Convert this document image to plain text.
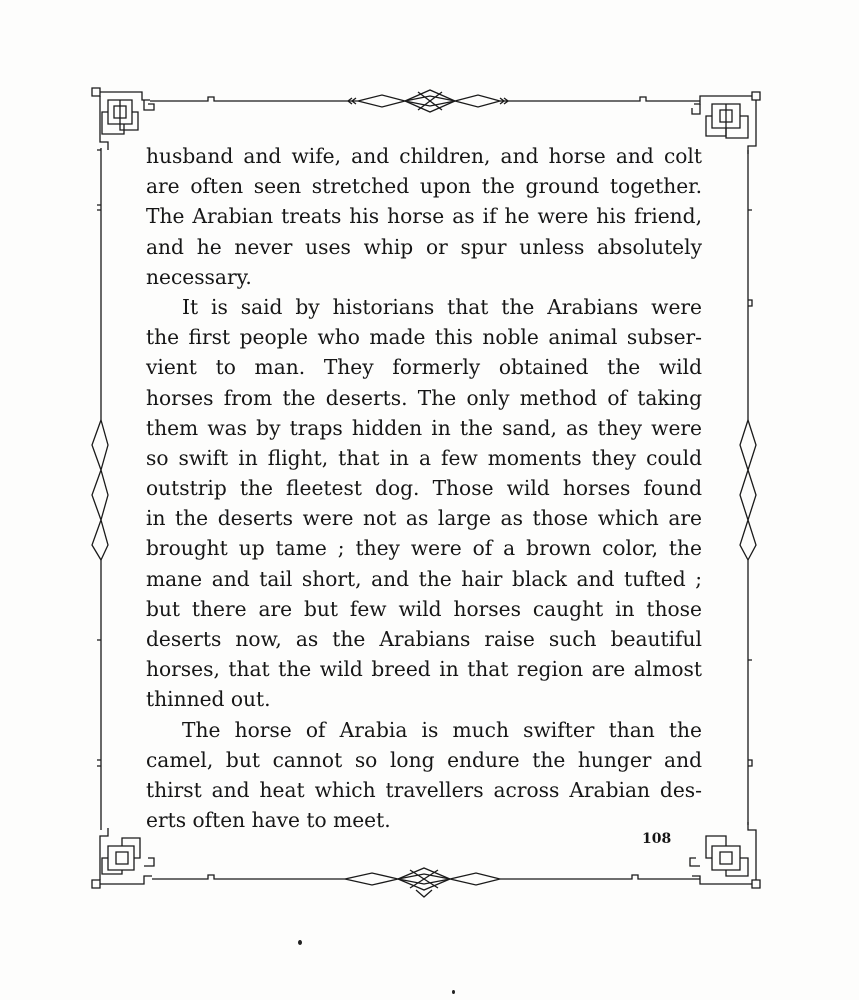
husband and wife, and children, and horse and colt
are often seen stretched upon the ground together.
The Arabian treats his horse as if he were his friend,
and he never uses whip or spur unless absolutely
necessary.
It is said by historians that the Arabians were
the first people who made this noble animal subser-
vient to man. They formerly obtained the wild
horses from the deserts. The only method of taking
them was by traps hidden in the sand, as they were
so swift in flight, that in a few moments they could
outstrip the fleetest dog. Those wild horses found
in the deserts were not as large as those which are
brought up tame ; they were of a brown color, the
mane and tail short, and the hair black and tufted ;
but there are but few wild horses caught in those
deserts now, as the Arabians raise such beautiful
horses, that the wild breed in that region are almost
thinned out.
The horse of Arabia is much swifter than the
camel, but cannot so long endure the hunger and
thirst and heat which travellers across Arabian des-
erts often have to meet.
108
